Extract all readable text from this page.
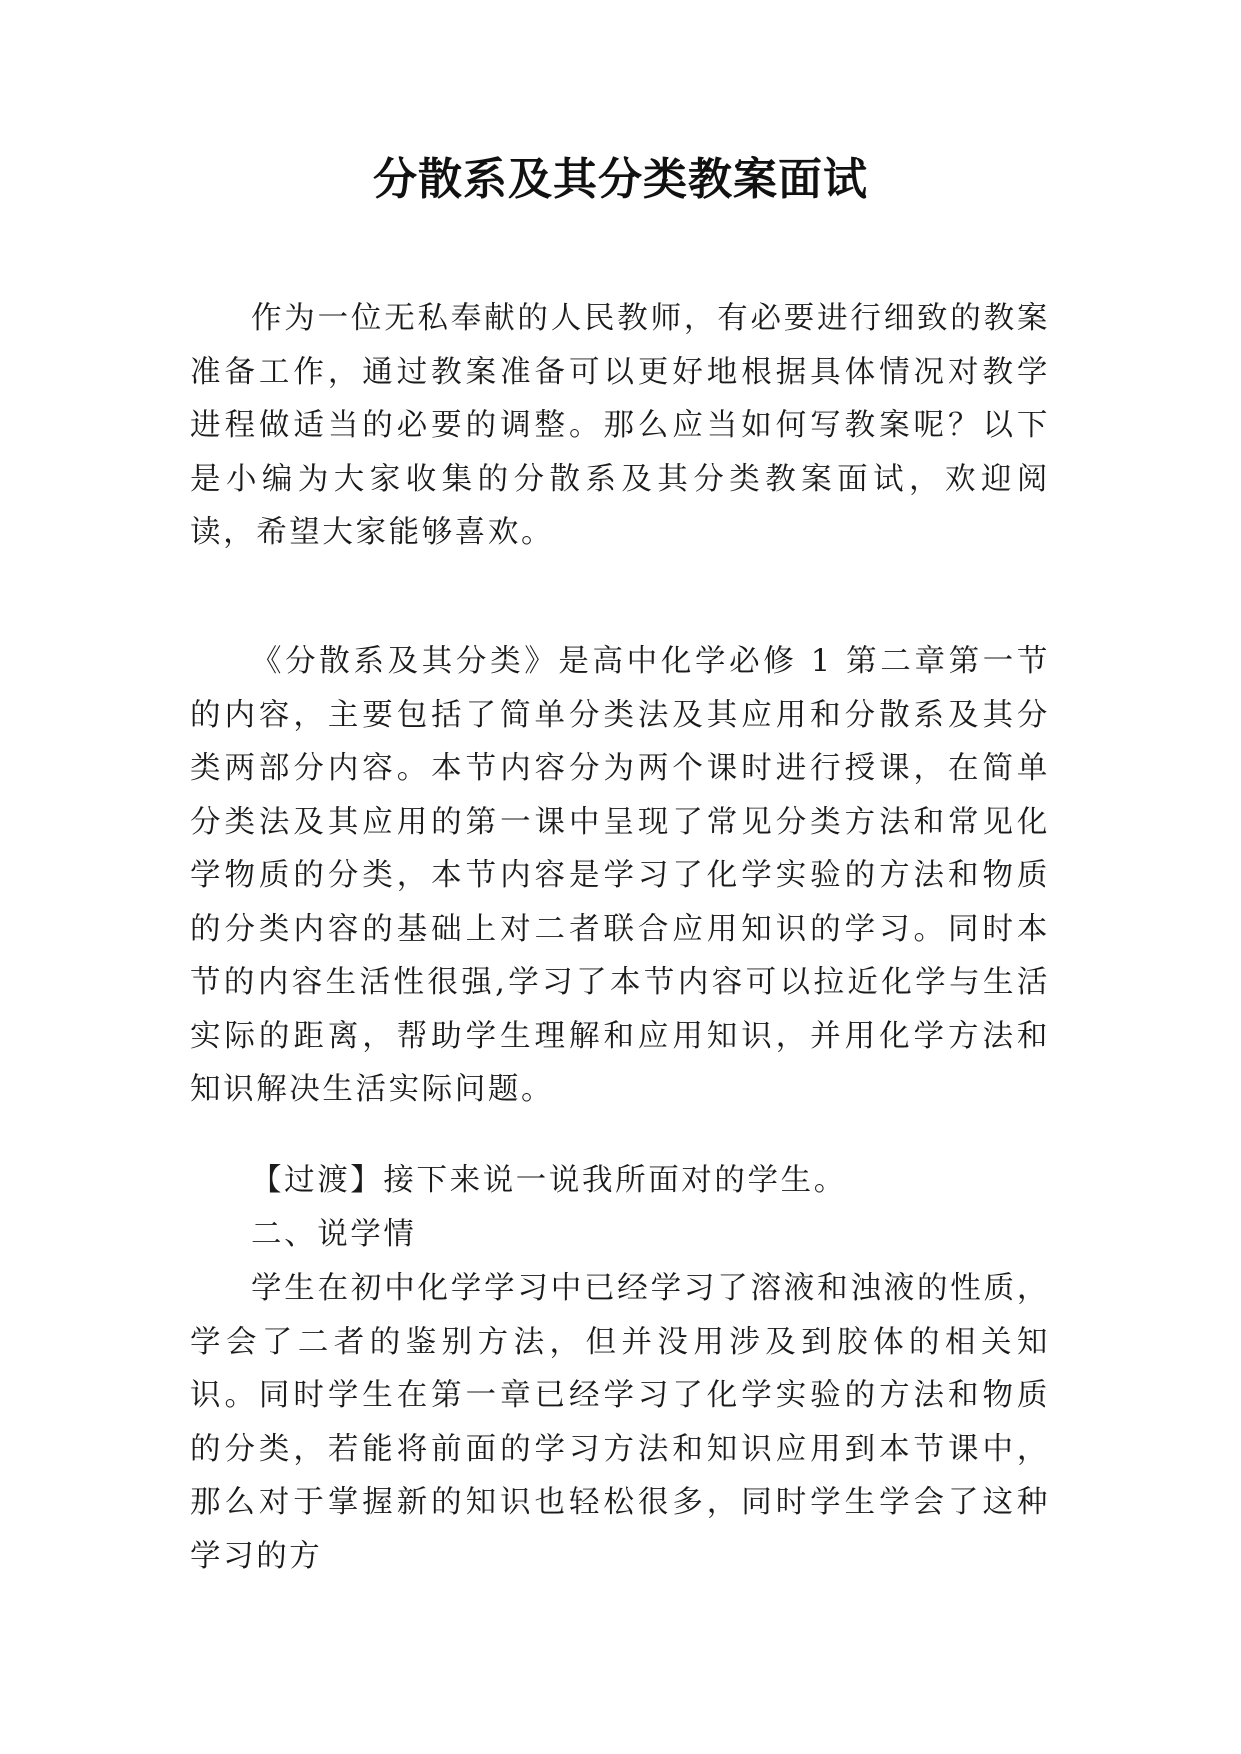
分散系及其分类教案面试

作为一位无私奉献的人民教师，有必要进行细致的教案准备工作，通过教案准备可以更好地根据具体情况对教学进程做适当的必要的调整。那么应当如何写教案呢？以下是小编为大家收集的分散系及其分类教案面试，欢迎阅读，希望大家能够喜欢。

《分散系及其分类》是高中化学必修 1 第二章第一节的内容，主要包括了简单分类法及其应用和分散系及其分类两部分内容。本节内容分为两个课时进行授课，在简单分类法及其应用的第一课中呈现了常见分类方法和常见化学物质的分类，本节内容是学习了化学实验的方法和物质的分类内容的基础上对二者联合应用知识的学习。同时本节的内容生活性很强,学习了本节内容可以拉近化学与生活实际的距离，帮助学生理解和应用知识，并用化学方法和知识解决生活实际问题。

【过渡】接下来说一说我所面对的学生。

二、说学情

学生在初中化学学习中已经学习了溶液和浊液的性质，学会了二者的鉴别方法，但并没用涉及到胶体的相关知识。同时学生在第一章已经学习了化学实验的方法和物质的分类，若能将前面的学习方法和知识应用到本节课中，那么对于掌握新的知识也轻松很多，同时学生学会了这种学习的方
